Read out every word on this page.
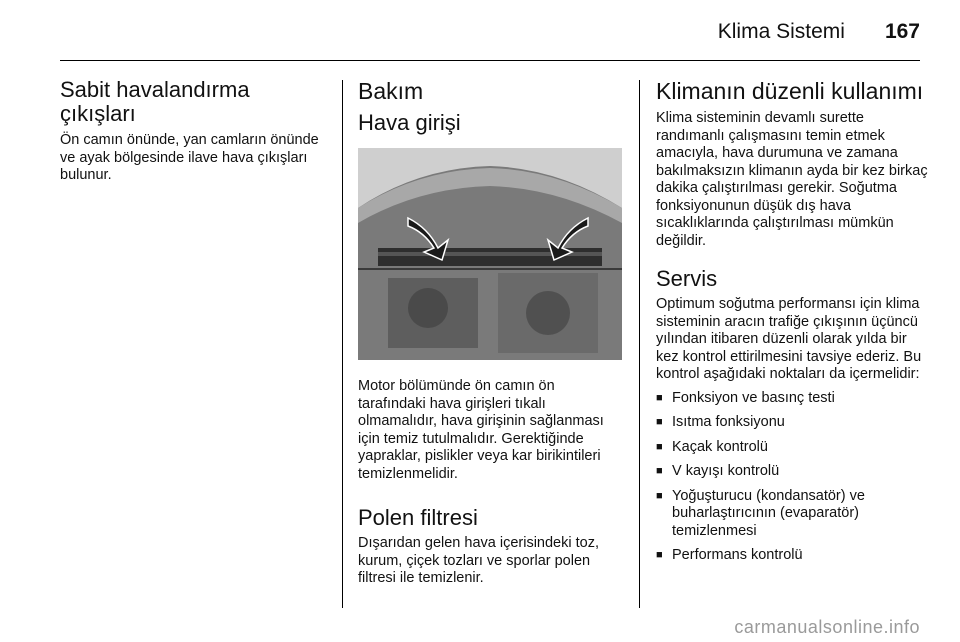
Klima Sistemi 167
Sabit havalandırma çıkışları

Ön camın önünde, yan camların önünde ve ayak bölgesinde ilave hava çıkışları bulunur.

Bakım
Hava girişi

Motor bölümünde ön camın ön tarafındaki hava girişleri tıkalı olmamalıdır, hava girişinin sağlanması için temiz tutulmalıdır. Gerektiğinde yapraklar, pislikler veya kar birikintileri temizlenmelidir.

Polen filtresi

Dışarıdan gelen hava içerisindeki toz, kurum, çiçek tozları ve sporlar polen filtresi ile temizlenir.

Klimanın düzenli kullanımı

Klima sisteminin devamlı surette randımanlı çalışmasını temin etmek amacıyla, hava durumuna ve zamana bakılmaksızın klimanın ayda bir kez birkaç dakika çalıştırılması gerekir. Soğutma fonksiyonunun düşük dış hava sıcaklıklarında çalıştırılması mümkün değildir.

Servis

Optimum soğutma performansı için klima sisteminin aracın trafiğe çıkışının üçüncü yılından itibaren düzenli olarak yılda bir kez kontrol ettirilmesini tavsiye ederiz. Bu kontrol aşağıdaki noktaları da içermelidir:

■ Fonksiyon ve basınç testi
■ Isıtma fonksiyonu
■ Kaçak kontrolü
■ V kayışı kontrolü
■ Yoğuşturucu (kondansatör) ve buharlaştırıcının (evaparatör) temizlenmesi
■ Performans kontrolü
carmanualsonline.info
